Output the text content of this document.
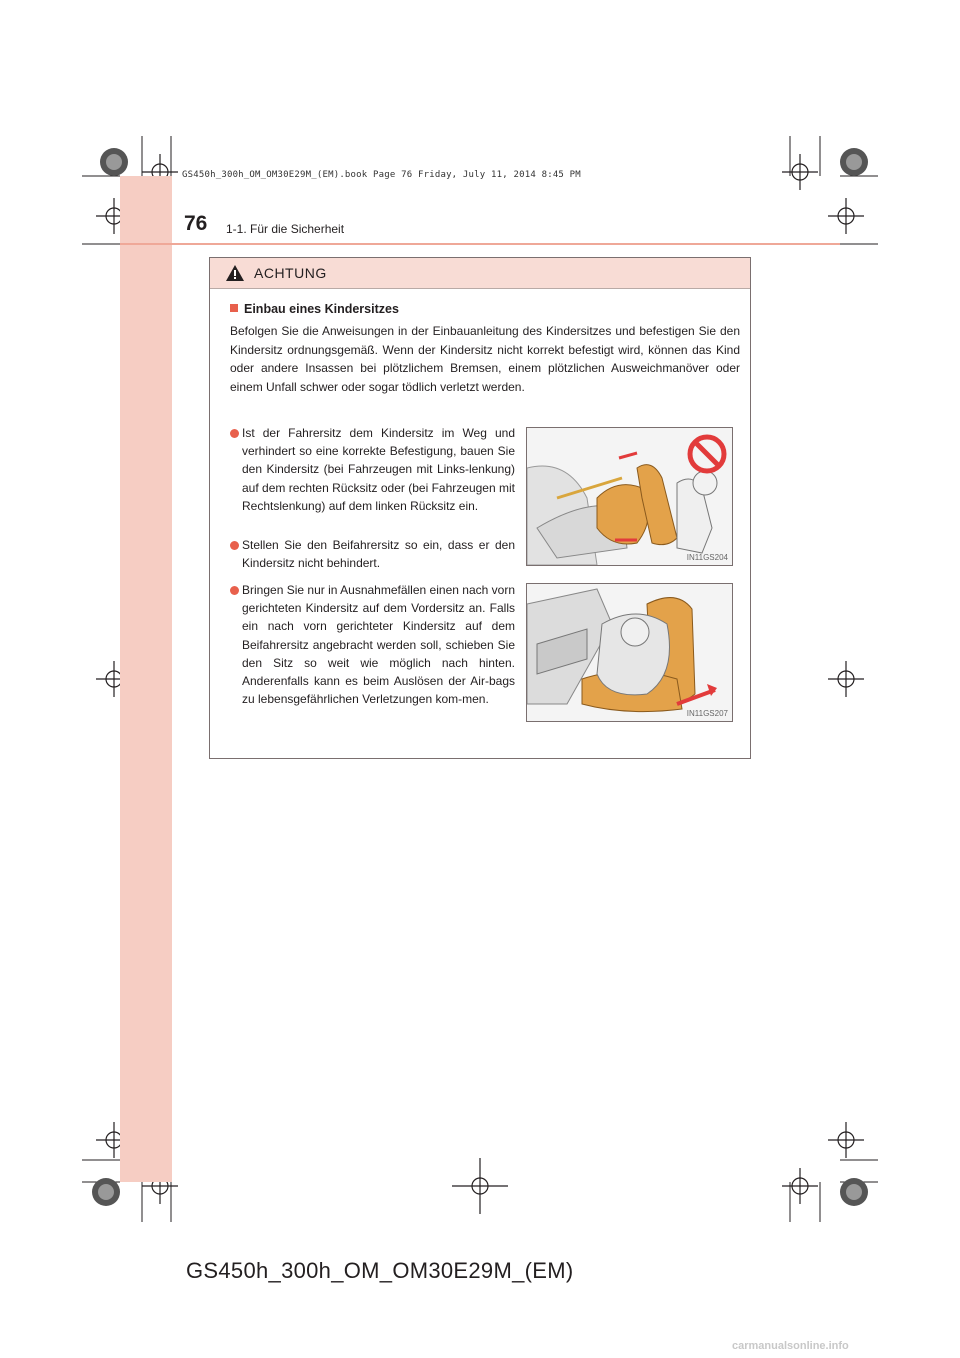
GS450h_300h_OM_OM30E29M_(EM).book Page 76 Friday, July 11, 2014 8:45 PM
76 1-1. Für die Sicherheit
ACHTUNG
Einbau eines Kindersitzes
Befolgen Sie die Anweisungen in der Einbauanleitung des Kindersitzes und befestigen Sie den Kindersitz ordnungsgemäß. Wenn der Kindersitz nicht korrekt befestigt wird, können das Kind oder andere Insassen bei plötzlichem Bremsen, einem plötzlichen Ausweichmanöver oder einem Unfall schwer oder sogar tödlich verletzt werden.
Ist der Fahrersitz dem Kindersitz im Weg und verhindert so eine korrekte Befestigung, bauen Sie den Kindersitz (bei Fahrzeugen mit Links-lenkung) auf dem rechten Rücksitz oder (bei Fahrzeugen mit Rechtslenkung) auf dem linken Rücksitz ein.
Stellen Sie den Beifahrersitz so ein, dass er den Kindersitz nicht behindert.
Bringen Sie nur in Ausnahmefällen einen nach vorn gerichteten Kindersitz auf dem Vordersitz an. Falls ein nach vorn gerichteter Kindersitz auf dem Beifahrersitz angebracht werden soll, schieben Sie den Sitz so weit wie möglich nach hinten. Anderenfalls kann es beim Auslösen der Air-bags zu lebensgefährlichen Verletzungen kom-men.
IN11GS204
IN11GS207
GS450h_300h_OM_OM30E29M_(EM)
carmanualsonline.info
